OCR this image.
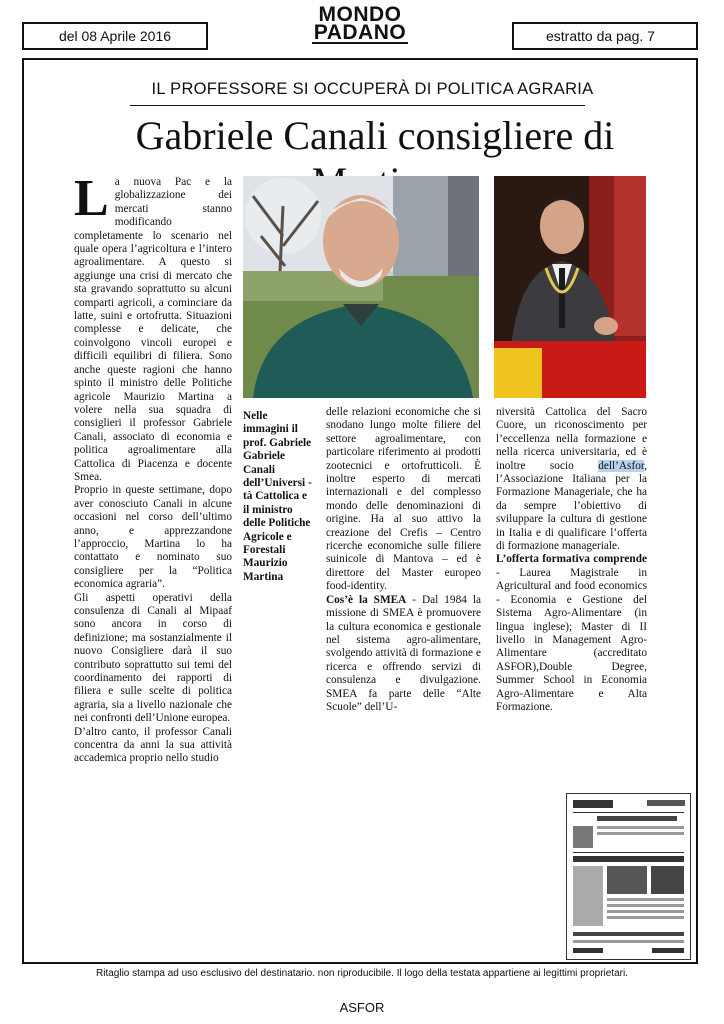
del 08 Aprile 2016
MONDO
PADANO	estratto da pag. 7
IL PROFESSORE SI OCCUPERÀ DI POLITICA AGRARIA
Gabriele Canali consigliere di

La nuova Pac e la globalizzazione dei mercati stanno modificando completamente lo scenario nel quale opera l’agricoltura e l’intero agroalimentare. A questo si aggiunge una crisi di mercato che sta gravando soprattutto su alcuni comparti agricoli, a cominciare da latte, suini e ortofrutta. Situazioni complesse e delicate, che coinvolgono vincoli europei e difficili equilibri di filiera. Sono anche queste ragioni che hanno spinto il ministro delle Politiche agricole Maurizio Martina a volere nella sua squadra di consiglieri il professor Gabriele Canali, associato di economia e politica agroalimentare alla Cattolica di Piacenza e docente Smea.

Proprio in queste settimane, dopo aver conosciuto Canali in alcune occasioni nel corso dell’ultimo anno, e apprezzandone l’approccio, Martina lo ha contattato e nominato suo consigliere per la “Politica economica agraria”.

Gli aspetti operativi della consulenza di Canali al Mipaaf sono ancora in corso di definizione; ma sostanzialmente il nuovo Consigliere darà il suo contributo soprattutto sui temi del coordinamento dei rapporti di filiera e sulle scelte di politica agraria, sia a livello nazionale che nei confronti dell’Unione europea.

D’altro canto, il professor Canali concentra da anni la sua attività accademica proprio nello studio

Nelle immagini il prof. Gabriele Gabriele Canali dell’Universi -tà Cattolica e il ministro delle Politiche Agricole e Forestali Maurizio Martina

delle relazioni economiche che si snodano lungo molte filiere del settore agroalimentare, con particolare riferimento ai prodotti zootecnici e ortofrutticoli. È inoltre esperto di mercati internazionali e del complesso mondo delle denominazioni di origine. Ha al suo attivo la creazione del Crefis – Centro ricerche economiche sulle filiere suinicole di Mantova – ed è direttore del Master europeo food-identity.

Cos’è la SMEA - Dal 1984 la missione di SMEA è promuovere la cultura economica e gestionale nel sistema agro-alimentare, svolgendo attività di formazione e ricerca e offrendo servizi di consulenza e divulgazione. SMEA fa parte delle “Alte Scuole” dell’U-

niversità Cattolica del Sacro Cuore, un riconoscimento per l’eccellenza nella formazione e nella ricerca universitaria, ed è inoltre socio dell’Asfor, l’Associazione Italiana per la Formazione Manageriale, che ha da sempre l’obiettivo di sviluppare la cultura di gestione in Italia e di qualificare l’offerta di formazione manageriale.

L’offerta formativa comprende - Laurea Magistrale in Agricultural and food economics - Economia e Gestione del Sistema Agro-Alimentare (in lingua inglese); Master di II livello in Management Agro-Alimentare (accreditato ASFOR),Double Degree, Summer School in Economia Agro-Alimentare e Alta Formazione.

Ritaglio stampa ad uso esclusivo del destinatario. non riproducibile. Il logo della testata appartiene ai legittimi proprietari.
ASFOR
